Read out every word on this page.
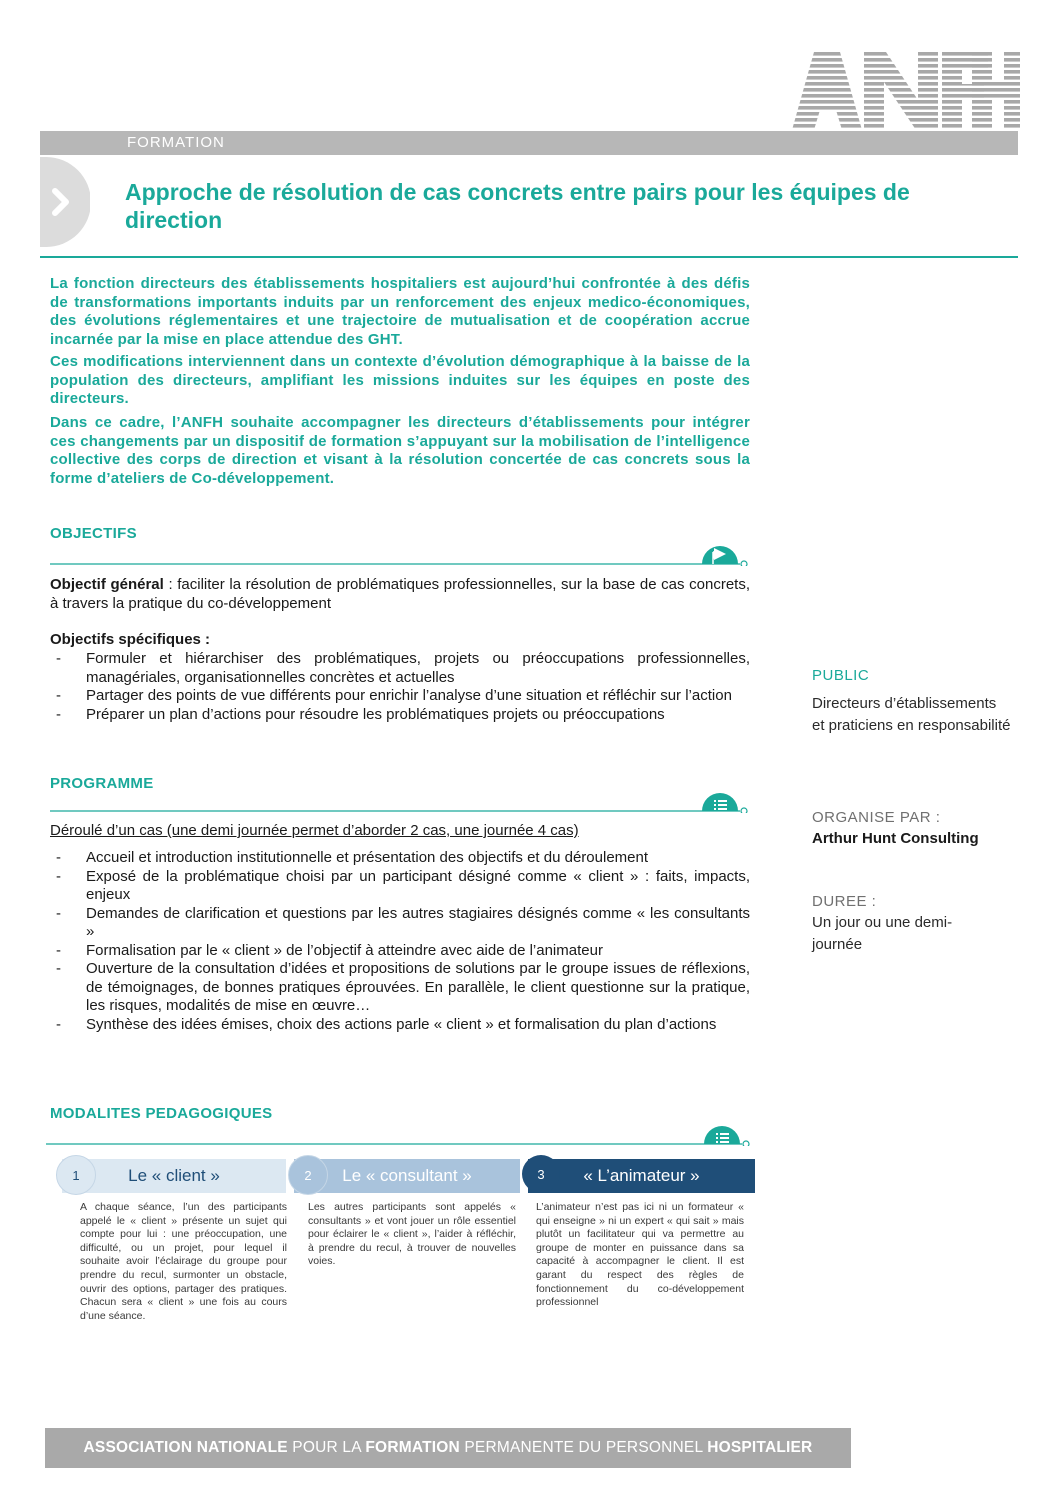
FORMATION
Approche de résolution de cas concrets entre pairs pour les équipes de direction
La fonction directeurs des établissements hospitaliers est aujourd’hui confrontée à des défis de transformations importants induits par un renforcement des enjeux medico-économiques, des évolutions réglementaires et une trajectoire de mutualisation et de coopération accrue incarnée par la mise en place attendue des GHT.
Ces modifications interviennent dans un contexte d’évolution démographique à la baisse de la population des directeurs, amplifiant les missions induites sur les équipes en poste des directeurs.
Dans ce cadre, l’ANFH souhaite accompagner les directeurs d’établissements pour intégrer ces changements par un dispositif de formation s’appuyant sur la mobilisation de l’intelligence collective des corps de direction et visant à la résolution concertée de cas concrets sous la forme d’ateliers de Co-développement.
OBJECTIFS
Objectif général : faciliter la résolution de problématiques professionnelles, sur la base de cas concrets, à travers la pratique du co-développement
Objectifs spécifiques :
- Formuler et hiérarchiser des problématiques, projets ou préoccupations professionnelles, managériales, organisationnelles concrètes et actuelles
- Partager des points de vue différents pour enrichir l’analyse d’une situation et réfléchir sur l’action
- Préparer un plan d’actions pour résoudre les problématiques projets ou préoccupations
PROGRAMME
Déroulé d’un cas (une demi journée permet d’aborder 2 cas, une journée 4 cas)
- Accueil et introduction institutionnelle et présentation des objectifs et du déroulement
- Exposé de la problématique choisi par un participant désigné comme « client » : faits, impacts, enjeux
- Demandes de clarification et questions par les autres stagiaires désignés comme « les consultants »
- Formalisation par le « client » de l’objectif à atteindre avec aide de l’animateur
- Ouverture de la consultation d’idées et propositions de solutions par le groupe issues de réflexions, de témoignages, de bonnes pratiques éprouvées. En parallèle, le client questionne sur la pratique, les risques, modalités de mise en œuvre…
- Synthèse des idées émises, choix des actions parle « client » et formalisation du plan d’actions
MODALITES PEDAGOGIQUES
1	Le « client »
A chaque séance, l’un des participants appelé le « client » présente un sujet qui compte pour lui : une préoccupation, une difficulté, ou un projet, pour lequel il souhaite avoir l’éclairage du groupe pour prendre du recul, surmonter un obstacle, ouvrir des options, partager des pratiques. Chacun sera « client » une fois au cours d’une séance.
2	Le « consultant »
Les autres participants sont appelés « consultants » et vont jouer un rôle essentiel pour éclairer le « client », l’aider à réfléchir, à prendre du recul, à trouver de nouvelles voies.
3	« L’animateur »
L’animateur n’est pas ici ni un formateur « qui enseigne » ni un expert « qui sait » mais plutôt un facilitateur qui va permettre au groupe de monter en puissance dans sa capacité à accompagner le client. Il est garant du respect des règles de fonctionnement du co-développement professionnel
PUBLIC
Directeurs d’établissements et praticiens en responsabilité
ORGANISE PAR :
Arthur Hunt Consulting
DUREE :
Un jour ou une demi-journée
ASSOCIATION NATIONALE POUR LA FORMATION PERMANENTE DU PERSONNEL HOSPITALIER
